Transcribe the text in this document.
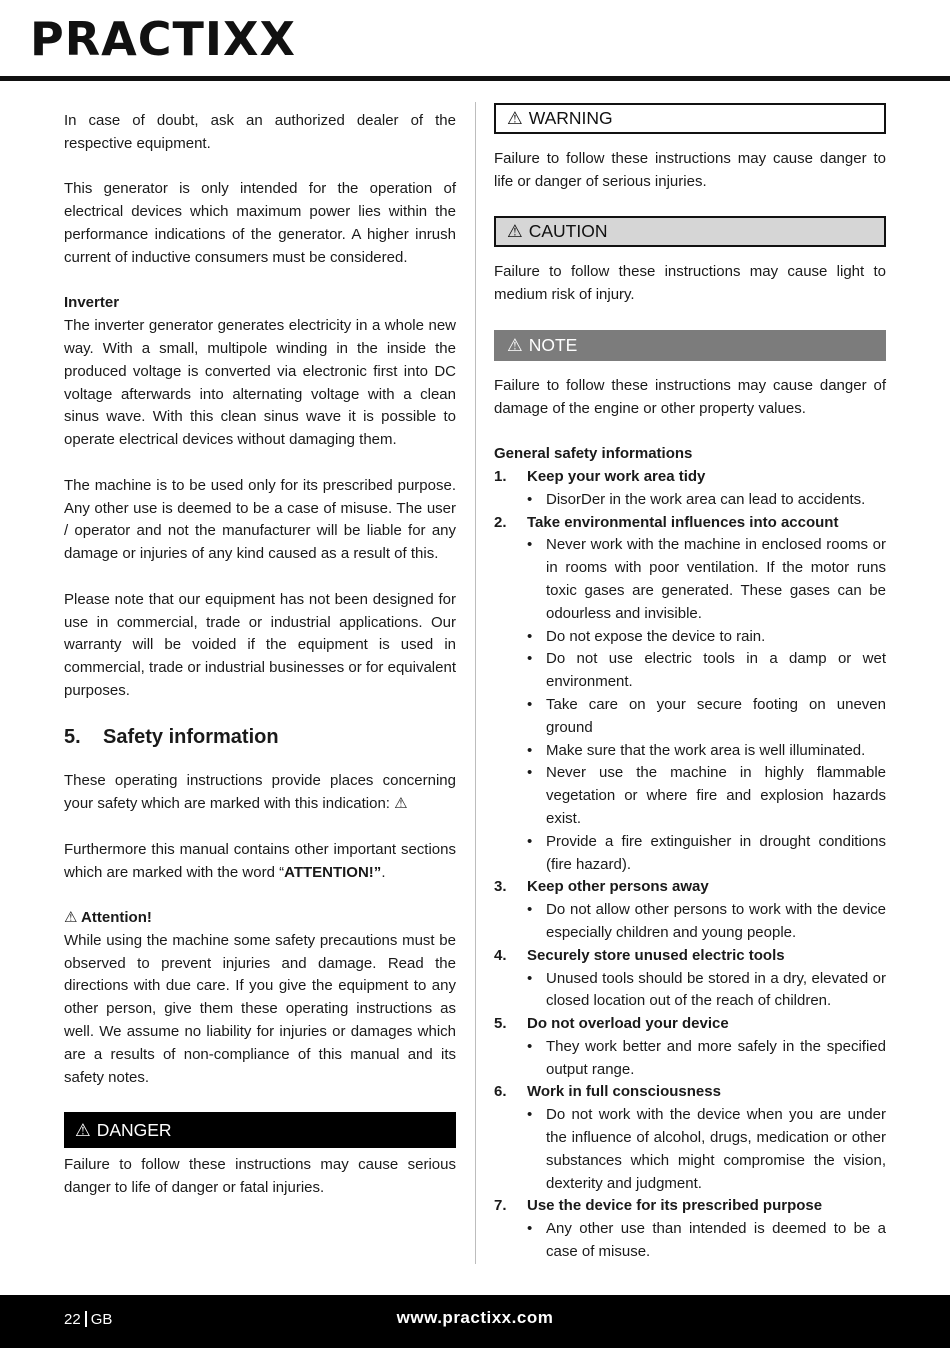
PRACTIXX

In case of doubt, ask an authorized dealer of the respective equipment.

This generator is only intended for the operation of electrical devices which maximum power lies within the performance indications of the generator. A higher inrush current of inductive consumers must be considered.

Inverter

The inverter generator generates electricity in a whole new way. With a small, multipole winding in the inside the produced voltage is converted via electronic first into DC voltage afterwards into alternating voltage with a clean sinus wave. With this clean sinus wave it is possible to operate electrical devices without damaging them.

The machine is to be used only for its prescribed purpose. Any other use is deemed to be a case of misuse. The user / operator and not the manufacturer will be liable for any damage or injuries of any kind caused as a result of this.

Please note that our equipment has not been designed for use in commercial, trade or industrial applications. Our warranty will be voided if the equipment is used in commercial, trade or industrial businesses or for equivalent purposes.

5.	Safety information

These operating instructions provide places concerning your safety which are marked with this indication: ⚠

Furthermore this manual contains other important sections which are marked with the word “ATTENTION!”.

⚠ Attention!

While using the machine some safety precautions must be observed to prevent injuries and damage. Read the directions with due care. If you give the equipment to any other person, give them these operating instructions as well. We assume no liability for injuries or damages which are a results of non-compliance of this manual and its safety notes.

⚠ DANGER

Failure to follow these instructions may cause serious danger to life of danger or fatal injuries.

⚠ WARNING

Failure to follow these instructions may cause danger to life or danger of serious injuries.

⚠ CAUTION

Failure to follow these instructions may cause light to medium risk of injury.

⚠ NOTE

Failure to follow these instructions may cause danger of damage of the engine or other property values.

General safety informations
1.	Keep your work area tidy
• DisorDer in the work area can lead to accidents.
2.	Take environmental influences into account
• Never work with the machine in enclosed rooms or in rooms with poor ventilation. If the motor runs toxic gases are generated. These gases can be odourless and invisible.
• Do not expose the device to rain.
• Do not use electric tools in a damp or wet environment.
• Take care on your secure footing on uneven ground
• Make sure that the work area is well illuminated.
• Never use the machine in highly flammable vegetation or where fire and explosion hazards exist.
• Provide a fire extinguisher in drought conditions (fire hazard).
3.	Keep other persons away
• Do not allow other persons to work with the device especially children and young people.
4.	Securely store unused electric tools
• Unused tools should be stored in a dry, elevated or closed location out of the reach of children.
5.	Do not overload your device
• They work better and more safely in the specified output range.
6.	Work in full consciousness
• Do not work with the device when you are under the influence of alcohol, drugs, medication or other substances which might compromise the vision, dexterity and judgment.
7.	Use the device for its prescribed purpose
• Any other use than intended is deemed to be a case of misuse.
22 GB	www.practixx.com
